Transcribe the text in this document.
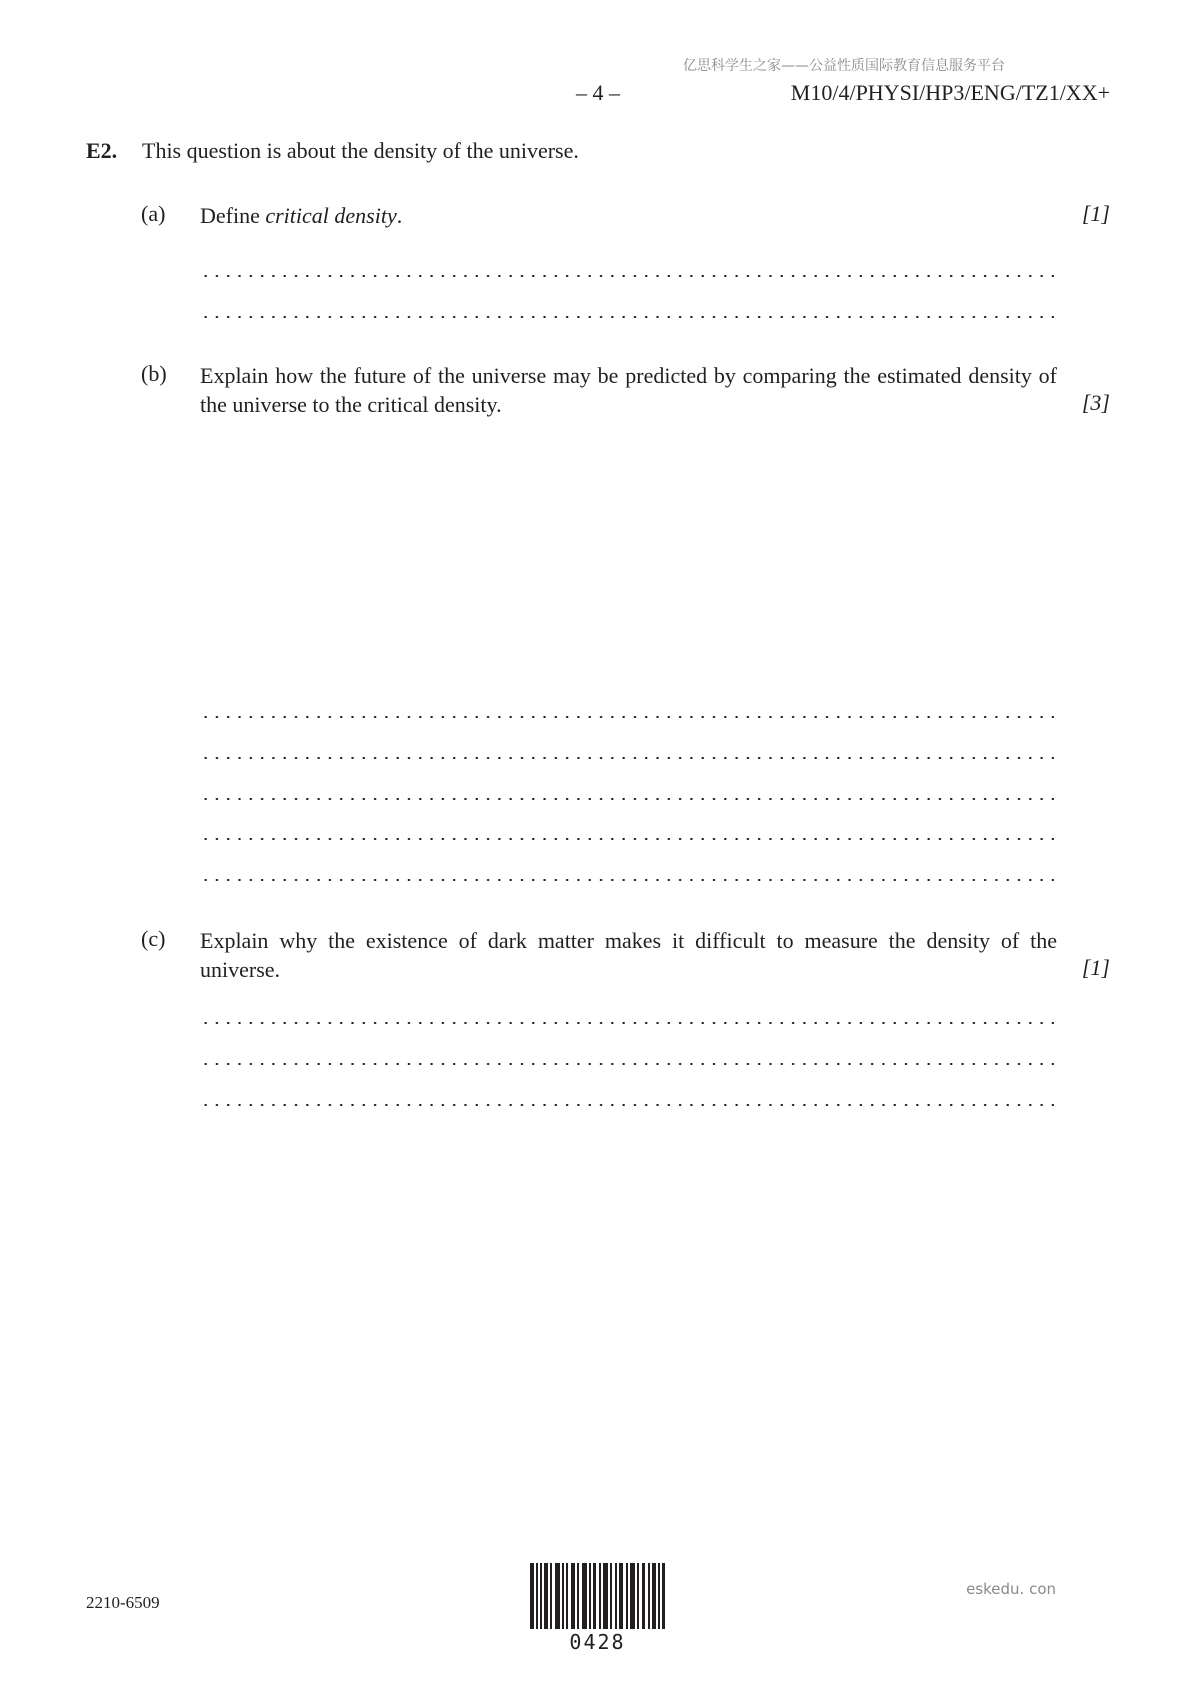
亿思科学生之家——公益性质国际教育信息服务平台
– 4 –	M10/4/PHYSI/HP3/ENG/TZ1/XX+
E2. This question is about the density of the universe.
(a) Define critical density.	[1]
(b) Explain how the future of the universe may be predicted by comparing the estimated density of the universe to the critical density.	[3]
(c) Explain why the existence of dark matter makes it difficult to measure the density of the universe.	[1]
2210-6509
0428
eskedu. con
